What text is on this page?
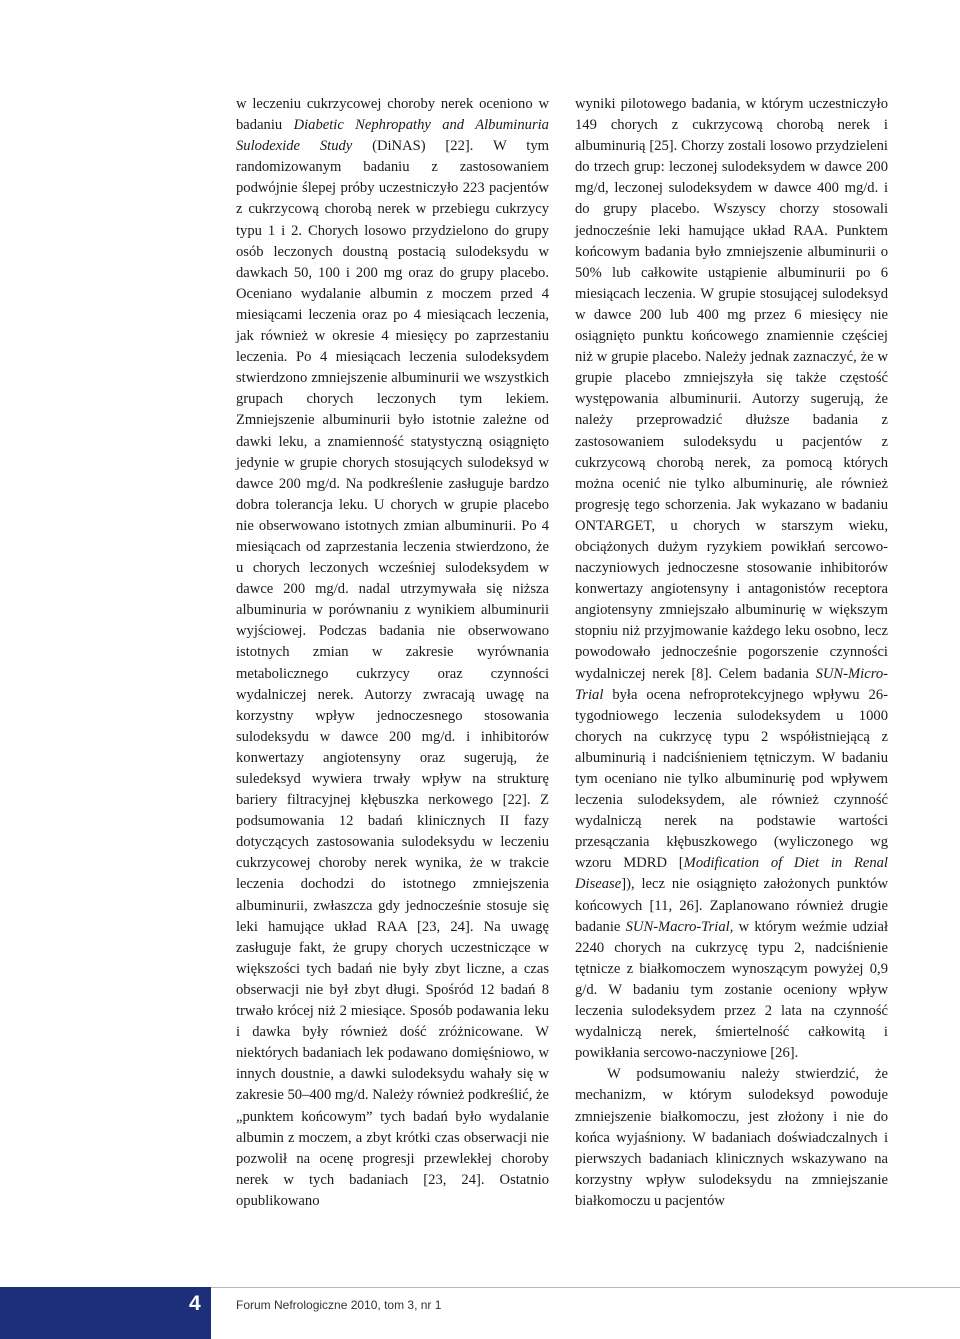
w leczeniu cukrzycowej choroby nerek oceniono w badaniu Diabetic Nephropathy and Albuminuria Sulodexide Study (DiNAS) [22]. W tym randomizowanym badaniu z zastosowaniem podwójnie ślepej próby uczestniczyło 223 pacjentów z cukrzycową chorobą nerek w przebiegu cukrzycy typu 1 i 2. Chorych losowo przydzielono do grupy osób leczonych doustną postacią sulodeksydu w dawkach 50, 100 i 200 mg oraz do grupy placebo. Oceniano wydalanie albumin z moczem przed 4 miesiącami leczenia oraz po 4 miesiącach leczenia, jak również w okresie 4 miesięcy po zaprzestaniu leczenia. Po 4 miesiącach leczenia sulodeksydem stwierdzono zmniejszenie albuminurii we wszystkich grupach chorych leczonych tym lekiem. Zmniejszenie albuminurii było istotnie zależne od dawki leku, a znamienność statystyczną osiągnięto jedynie w grupie chorych stosujących sulodeksyd w dawce 200 mg/d. Na podkreślenie zasługuje bardzo dobra tolerancja leku. U chorych w grupie placebo nie obserwowano istotnych zmian albuminurii. Po 4 miesiącach od zaprzestania leczenia stwierdzono, że u chorych leczonych wcześniej sulodeksydem w dawce 200 mg/d. nadal utrzymywała się niższa albuminuria w porównaniu z wynikiem albuminurii wyjściowej. Podczas badania nie obserwowano istotnych zmian w zakresie wyrównania metabolicznego cukrzycy oraz czynności wydalniczej nerek. Autorzy zwracają uwagę na korzystny wpływ jednoczesnego stosowania sulodeksydu w dawce 200 mg/d. i inhibitorów konwertazy angiotensyny oraz sugerują, że suledeksyd wywiera trwały wpływ na strukturę bariery filtracyjnej kłębuszka nerkowego [22]. Z podsumowania 12 badań klinicznych II fazy dotyczących zastosowania sulodeksydu w leczeniu cukrzycowej choroby nerek wynika, że w trakcie leczenia dochodzi do istotnego zmniejszenia albuminurii, zwłaszcza gdy jednocześnie stosuje się leki hamujące układ RAA [23, 24]. Na uwagę zasługuje fakt, że grupy chorych uczestniczące w większości tych badań nie były zbyt liczne, a czas obserwacji nie był zbyt długi. Spośród 12 badań 8 trwało krócej niż 2 miesiące. Sposób podawania leku i dawka były również dość zróżnicowane. W niektórych badaniach lek podawano domięśniowo, w innych doustnie, a dawki sulodeksydu wahały się w zakresie 50–400 mg/d. Należy również podkreślić, że „punktem końcowym” tych badań było wydalanie albumin z moczem, a zbyt krótki czas obserwacji nie pozwolił na ocenę progresji przewlekłej choroby nerek w tych badaniach [23, 24]. Ostatnio opublikowano

wyniki pilotowego badania, w którym uczestniczyło 149 chorych z cukrzycową chorobą nerek i albuminurią [25]. Chorzy zostali losowo przydzieleni do trzech grup: leczonej sulodeksydem w dawce 200 mg/d, leczonej sulodeksydem w dawce 400 mg/d. i do grupy placebo. Wszyscy chorzy stosowali jednocześnie leki hamujące układ RAA. Punktem końcowym badania było zmniejszenie albuminurii o 50% lub całkowite ustąpienie albuminurii po 6 miesiącach leczenia. W grupie stosującej sulodeksyd w dawce 200 lub 400 mg przez 6 miesięcy nie osiągnięto punktu końcowego znamiennie częściej niż w grupie placebo. Należy jednak zaznaczyć, że w grupie placebo zmniejszyła się także częstość występowania albuminurii. Autorzy sugerują, że należy przeprowadzić dłuższe badania z zastosowaniem sulodeksydu u pacjentów z cukrzycową chorobą nerek, za pomocą których można ocenić nie tylko albuminurię, ale również progresję tego schorzenia. Jak wykazano w badaniu ONTARGET, u chorych w starszym wieku, obciążonych dużym ryzykiem powikłań sercowo-naczyniowych jednoczesne stosowanie inhibitorów konwertazy angiotensyny i antagonistów receptora angiotensyny zmniejszało albuminurię w większym stopniu niż przyjmowanie każdego leku osobno, lecz powodowało jednocześnie pogorszenie czynności wydalniczej nerek [8]. Celem badania SUN-Micro-Trial była ocena nefroprotekcyjnego wpływu 26-tygodniowego leczenia sulodeksydem u 1000 chorych na cukrzycę typu 2 współistniejącą z albuminurią i nadciśnieniem tętniczym. W badaniu tym oceniano nie tylko albuminurię pod wpływem leczenia sulodeksydem, ale również czynność wydalniczą nerek na podstawie wartości przesączania kłębuszkowego (wyliczonego wg wzoru MDRD [Modification of Diet in Renal Disease]), lecz nie osiągnięto założonych punktów końcowych [11, 26]. Zaplanowano również drugie badanie SUN-Macro-Trial, w którym weźmie udział 2240 chorych na cukrzycę typu 2, nadciśnienie tętnicze z białkomoczem wynoszącym powyżej 0,9 g/d. W badaniu tym zostanie oceniony wpływ leczenia sulodeksydem przez 2 lata na czynność wydalniczą nerek, śmiertelność całkowitą i powikłania sercowo-naczyniowe [26].

W podsumowaniu należy stwierdzić, że mechanizm, w którym sulodeksyd powoduje zmniejszenie białkomoczu, jest złożony i nie do końca wyjaśniony. W badaniach doświadczalnych i pierwszych badaniach klinicznych wskazywano na korzystny wpływ sulodeksydu na zmniejszanie białkomoczu u pacjentów

4	Forum Nefrologiczne 2010, tom 3, nr 1
